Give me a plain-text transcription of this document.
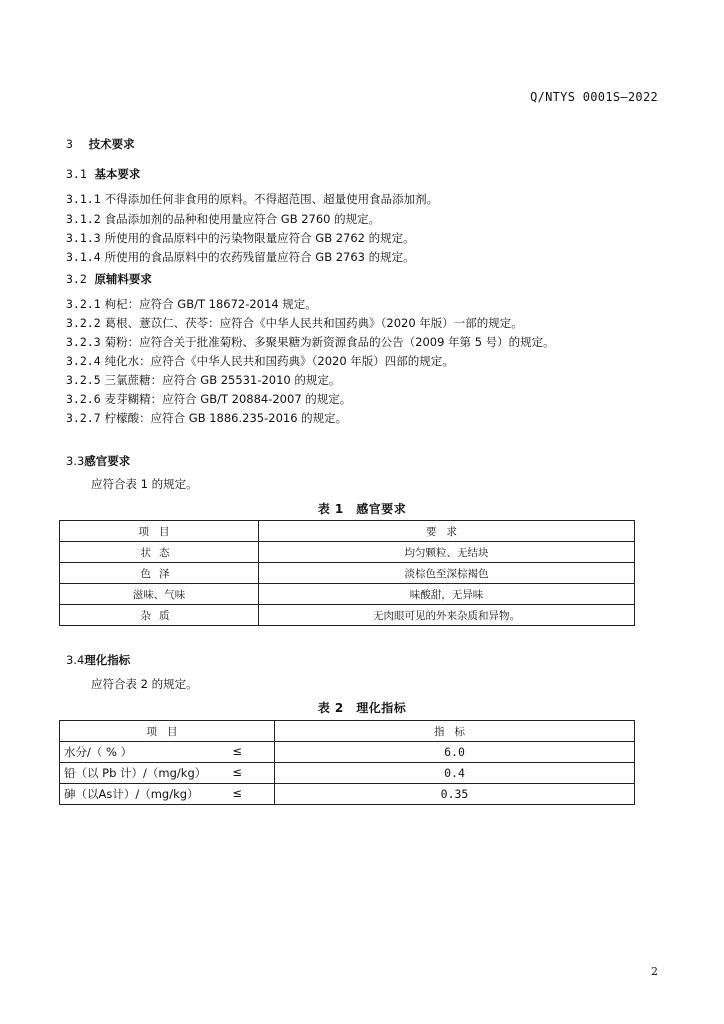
Q/NTYS 0001S—2022
3 技术要求
3.1 基本要求
3.1.1 不得添加任何非食用的原料。不得超范围、超量使用食品添加剂。
3.1.2 食品添加剂的品种和使用量应符合 GB 2760 的规定。
3.1.3 所使用的食品原料中的污染物限量应符合 GB 2762 的规定。
3.1.4 所使用的食品原料中的农药残留量应符合 GB 2763 的规定。
3.2 原辅料要求
3.2.1 枸杞：应符合 GB/T 18672-2014 规定。
3.2.2 葛根、薏苡仁、茯苓：应符合《中华人民共和国药典》（2020 年版）一部的规定。
3.2.3 菊粉：应符合关于批准菊粉、多聚果糖为新资源食品的公告（2009 年第 5 号）的规定。
3.2.4 纯化水：应符合《中华人民共和国药典》（2020 年版）四部的规定。
3.2.5 三氯蔗糖：应符合 GB 25531-2010 的规定。
3.2.6 麦芽糊精：应符合 GB/T 20884-2007 的规定。
3.2.7 柠檬酸：应符合 GB 1886.235-2016 的规定。
3.3感官要求
应符合表 1 的规定。
表 1　感官要求
项目	要求
状态	均匀颗粒、无结块
色泽	淡棕色至深棕褐色
滋味、气味	味酸甜，无异味
杂质	无肉眼可见的外来杂质和异物。
3.4理化指标
应符合表 2 的规定。
表 2　理化指标
项目	指标
水分/（ % ） ≤	6.0
铅（以 Pb 计）/（mg/kg） ≤	0.4
砷（以As计）/（mg/kg） ≤	0.35
2
